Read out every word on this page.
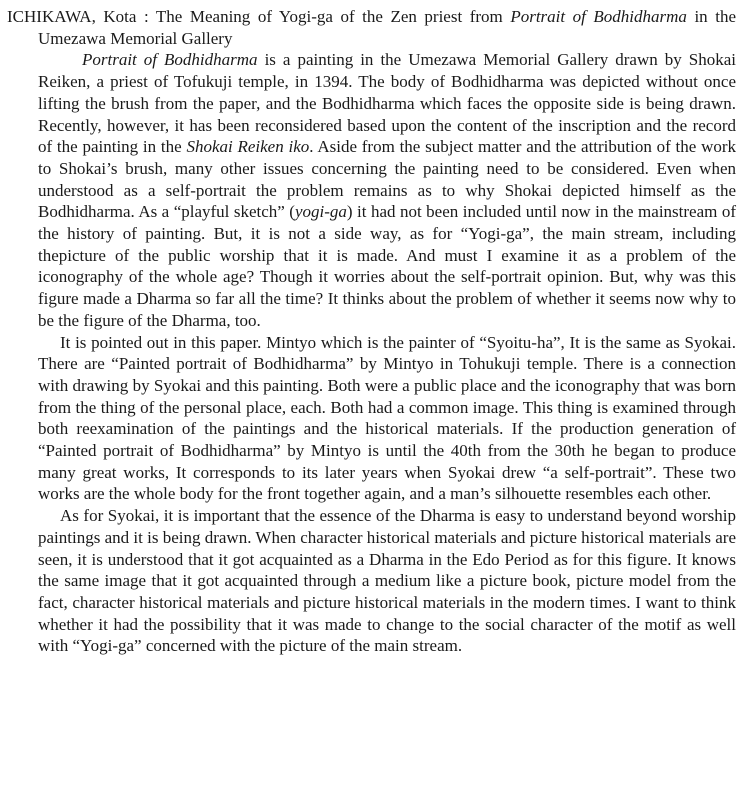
ICHIKAWA, Kota : The Meaning of Yogi-ga of the Zen priest from Portrait of Bodhidharma in the Umezawa Memorial Gallery

Portrait of Bodhidharma is a painting in the Umezawa Memorial Gallery drawn by Shokai Reiken, a priest of Tofukuji temple, in 1394. The body of Bodhidharma was depicted without once lifting the brush from the paper, and the Bodhidharma which faces the opposite side is being drawn. Recently, however, it has been reconsidered based upon the content of the inscription and the record of the painting in the Shokai Reiken iko. Aside from the subject matter and the attribution of the work to Shokai’s brush, many other issues concerning the painting need to be considered. Even when understood as a self-portrait the problem remains as to why Shokai depicted himself as the Bodhidharma. As a “playful sketch” (yogi-ga) it had not been included until now in the mainstream of the history of painting. But, it is not a side way, as for “Yogi-ga”, the main stream, including thepicture of the public worship that it is made. And must I examine it as a problem of the iconography of the whole age? Though it worries about the self-portrait opinion. But, why was this figure made a Dharma so far all the time? It thinks about the problem of whether it seems now why to be the figure of the Dharma, too.

It is pointed out in this paper. Mintyo which is the painter of “Syoitu-ha”, It is the same as Syokai. There are “Painted portrait of Bodhidharma” by Mintyo in Tohukuji temple. There is a connection with drawing by Syokai and this painting. Both were a public place and the iconography that was born from the thing of the personal place, each. Both had a common image. This thing is examined through both reexamination of the paintings and the historical materials. If the production generation of “Painted portrait of Bodhidharma” by Mintyo is until the 40th from the 30th he began to produce many great works, It corresponds to its later years when Syokai drew “a self-portrait”. These two works are the whole body for the front together again, and a man’s silhouette resembles each other.

As for Syokai, it is important that the essence of the Dharma is easy to understand beyond worship paintings and it is being drawn. When character historical materials and picture historical materials are seen, it is understood that it got acquainted as a Dharma in the Edo Period as for this figure. It knows the same image that it got acquainted through a medium like a picture book, picture model from the fact, character historical materials and picture historical materials in the modern times. I want to think whether it had the possibility that it was made to change to the social character of the motif as well with “Yogi-ga” concerned with the picture of the main stream.
